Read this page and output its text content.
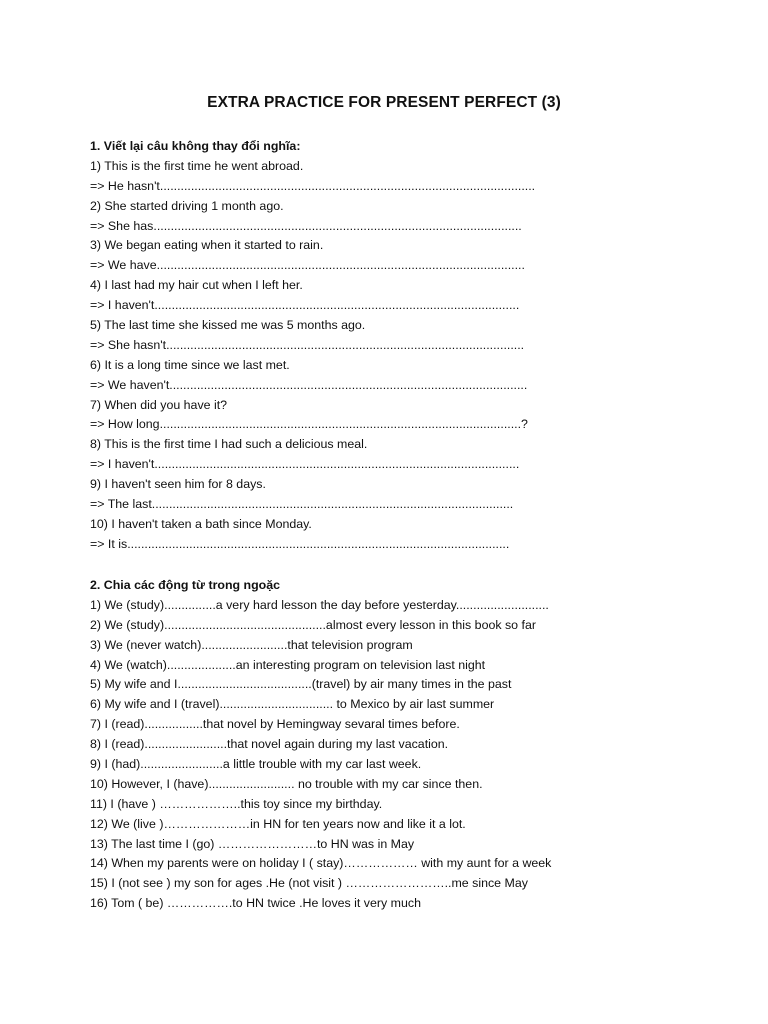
EXTRA PRACTICE FOR PRESENT PERFECT (3)
1. Viết lại câu không thay đổi nghĩa:
1) This is the first time he went abroad.
=> He hasn't.............................................................................................................
2) She started driving 1 month ago.
=> She has...........................................................................................................
3) We began eating when it started to rain.
=> We have...........................................................................................................
4) I last had my hair cut when I left her.
=> I haven't..........................................................................................................
5) The last time she kissed me was 5 months ago.
=> She hasn't........................................................................................................
6) It is a long time since we last met.
=> We haven't........................................................................................................
7) When did you have it?
=> How long.........................................................................................................?
8) This is the first time I had such a delicious meal.
=> I haven't..........................................................................................................
9) I haven't seen him for 8 days.
=> The last.........................................................................................................
10) I haven't taken a bath since Monday.
=> It is...............................................................................................................
2. Chia các động từ trong ngoặc
1) We (study)...............a very hard lesson the day before yesterday...........................
2) We (study)...............................................almost every lesson in this book so far
3) We (never watch).........................that television program
4) We (watch)....................an interesting program on television last night
5) My wife and I.......................................(travel) by air many times in the past
6) My wife and I (travel)................................. to Mexico by air last summer
7) I (read).................that novel by Hemingway sevaral times before.
8) I (read)........................that novel again during my last vacation.
9) I (had)........................a little trouble with my car last week.
10) However, I (have)......................... no trouble with my car since then.
11) I (have ) ………………..this toy since my birthday.
12) We (live )…………………in HN for ten years now and like it a lot.
13) The last time I (go) ……………………to HN was in May
14) When my parents were on holiday I ( stay)……………… with my aunt for a week
15) I (not see ) my son for ages .He (not visit ) ……………………..me since May
16) Tom ( be) …………….to HN twice .He loves it very much
